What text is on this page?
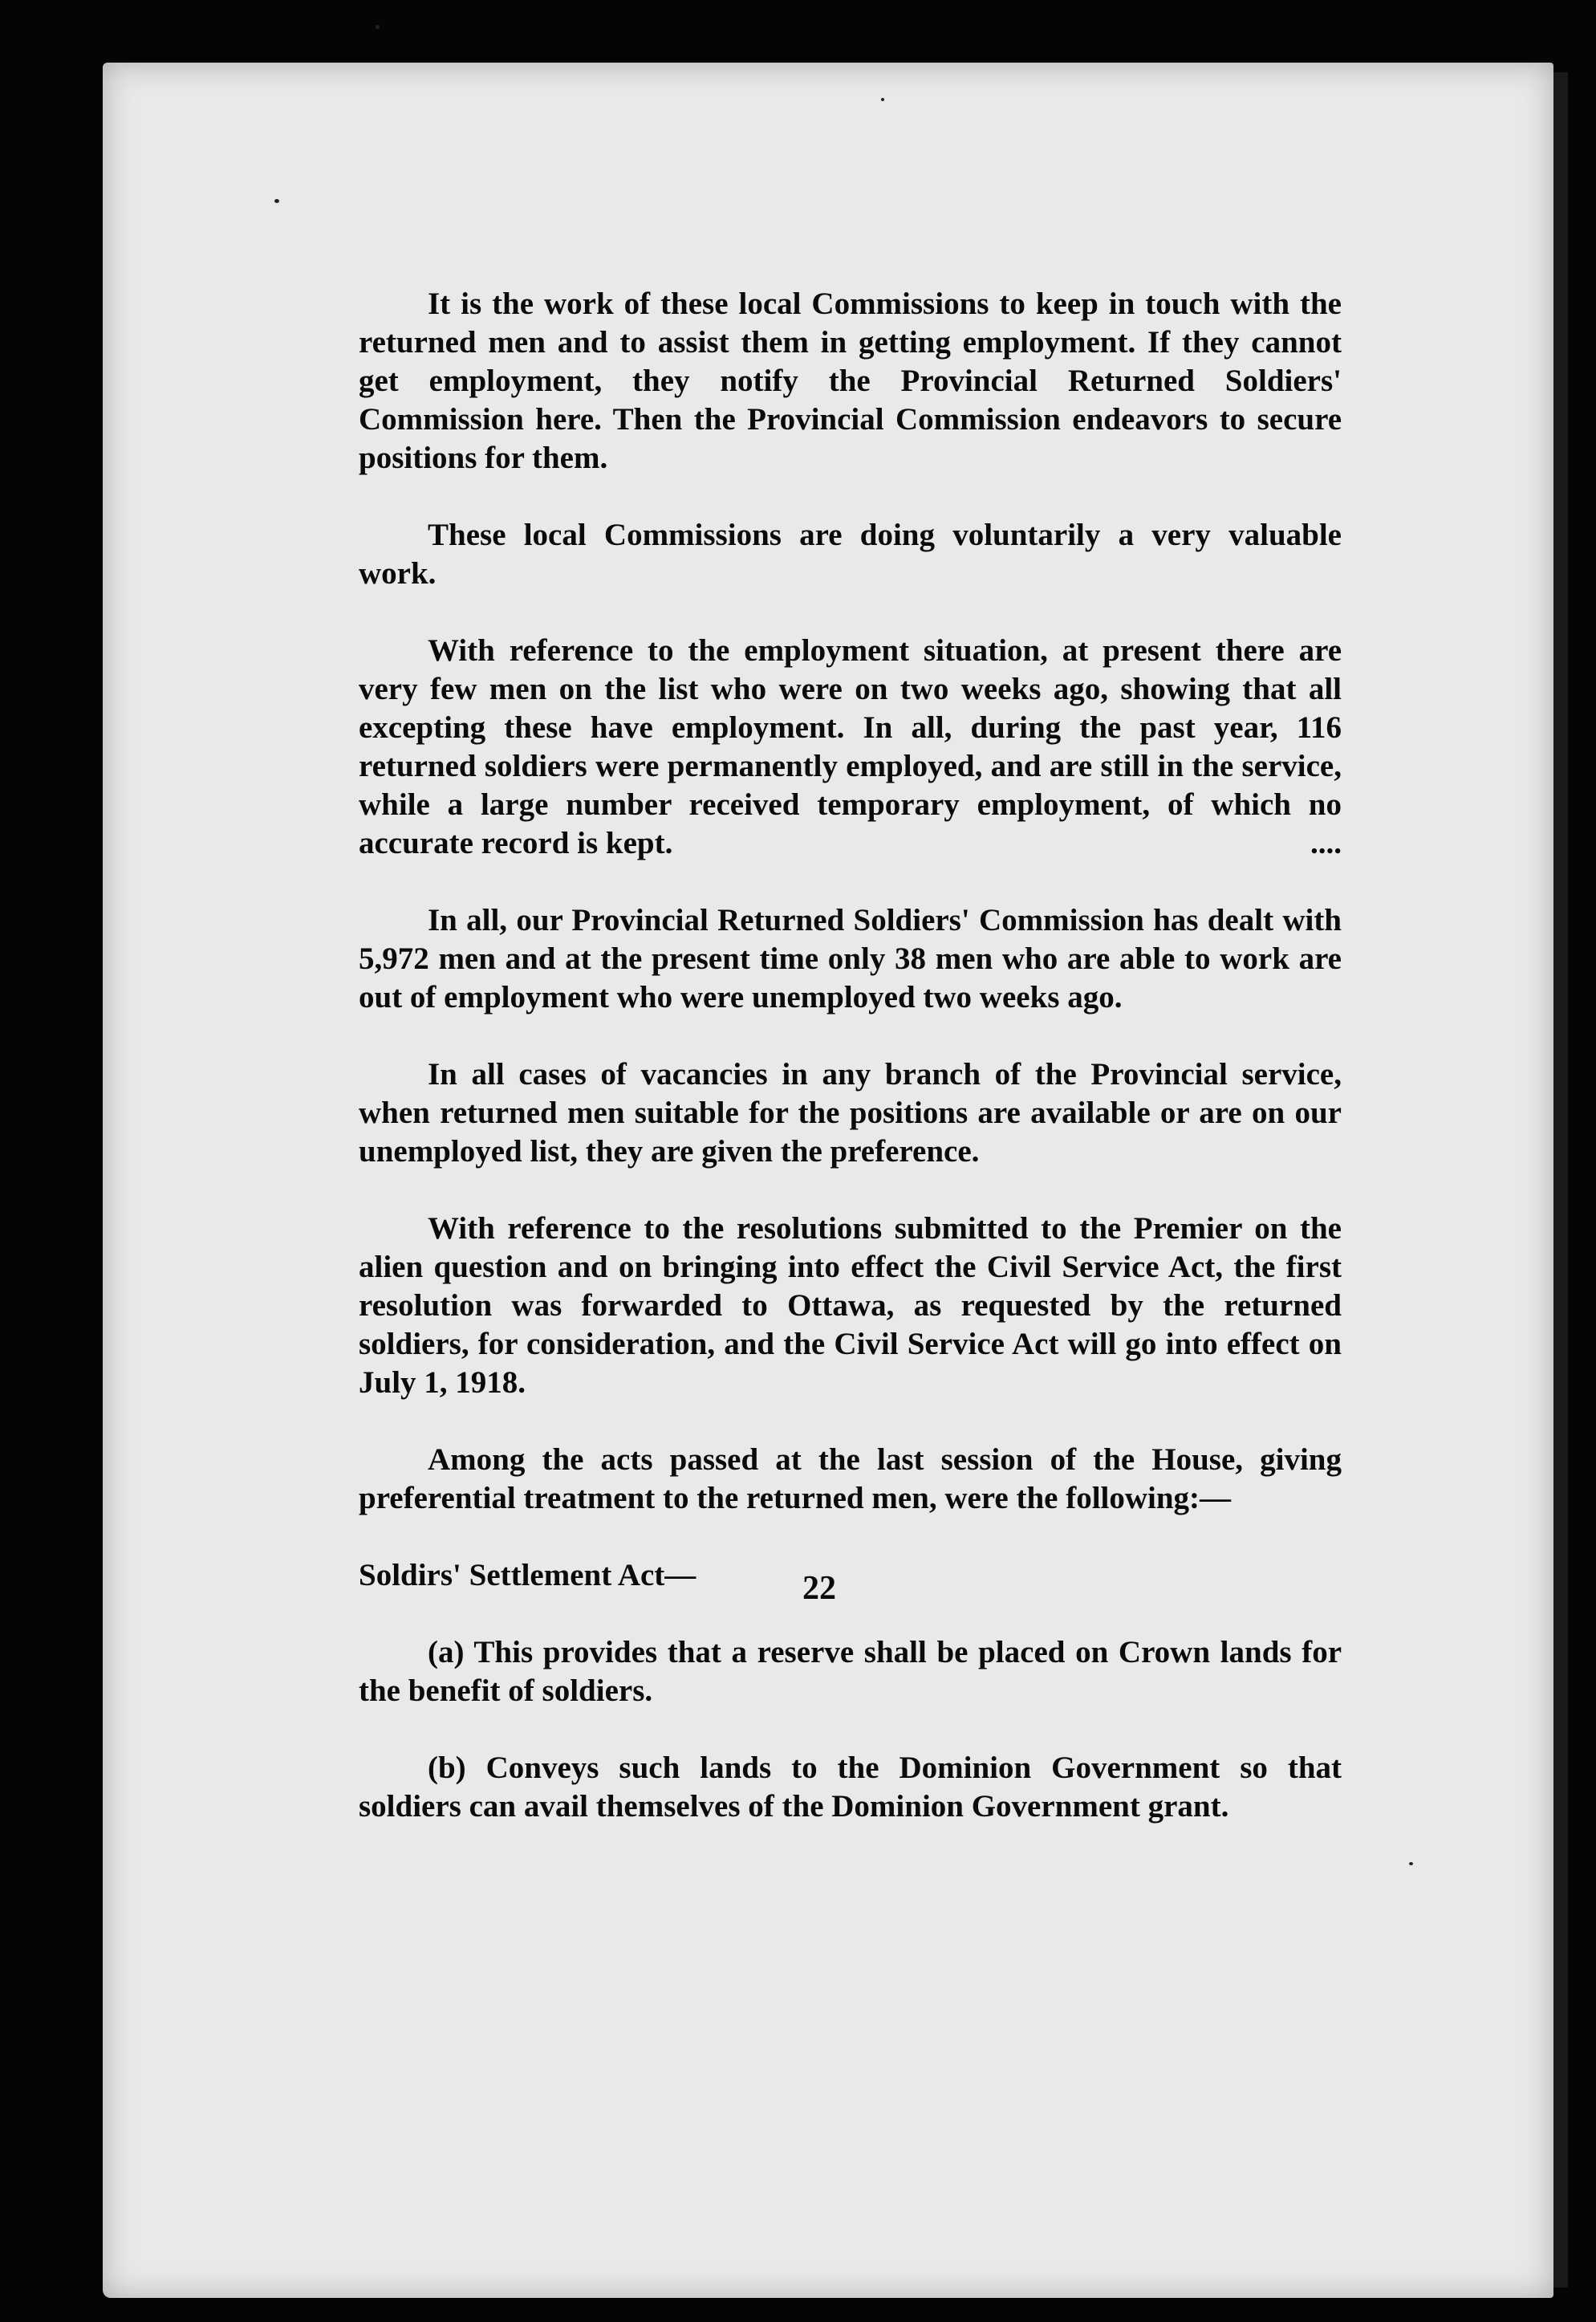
It is the work of these local Commissions to keep in touch with the returned men and to assist them in getting employment. If they cannot get employment, they notify the Provincial Returned Soldiers' Commission here. Then the Provincial Commission endeavors to secure positions for them.

These local Commissions are doing voluntarily a very valuable work.

With reference to the employment situation, at present there are very few men on the list who were on two weeks ago, showing that all excepting these have employment. In all, during the past year, 116 returned soldiers were permanently employed, and are still in the service, while a large number received temporary employment, of which no accurate record is kept.	....

In all, our Provincial Returned Soldiers' Commission has dealt with 5,972 men and at the present time only 38 men who are able to work are out of employment who were unemployed two weeks ago.

In all cases of vacancies in any branch of the Provincial service, when returned men suitable for the positions are available or are on our unemployed list, they are given the preference.

With reference to the resolutions submitted to the Premier on the alien question and on bringing into effect the Civil Service Act, the first resolution was forwarded to Ottawa, as requested by the returned soldiers, for consideration, and the Civil Service Act will go into effect on July 1, 1918.

Among the acts passed at the last session of the House, giving preferential treatment to the returned men, were the following:—

Soldirs' Settlement Act—

(a) This provides that a reserve shall be placed on Crown lands for the benefit of soldiers.

(b) Conveys such lands to the Dominion Government so that soldiers can avail themselves of the Dominion Government grant.

22
